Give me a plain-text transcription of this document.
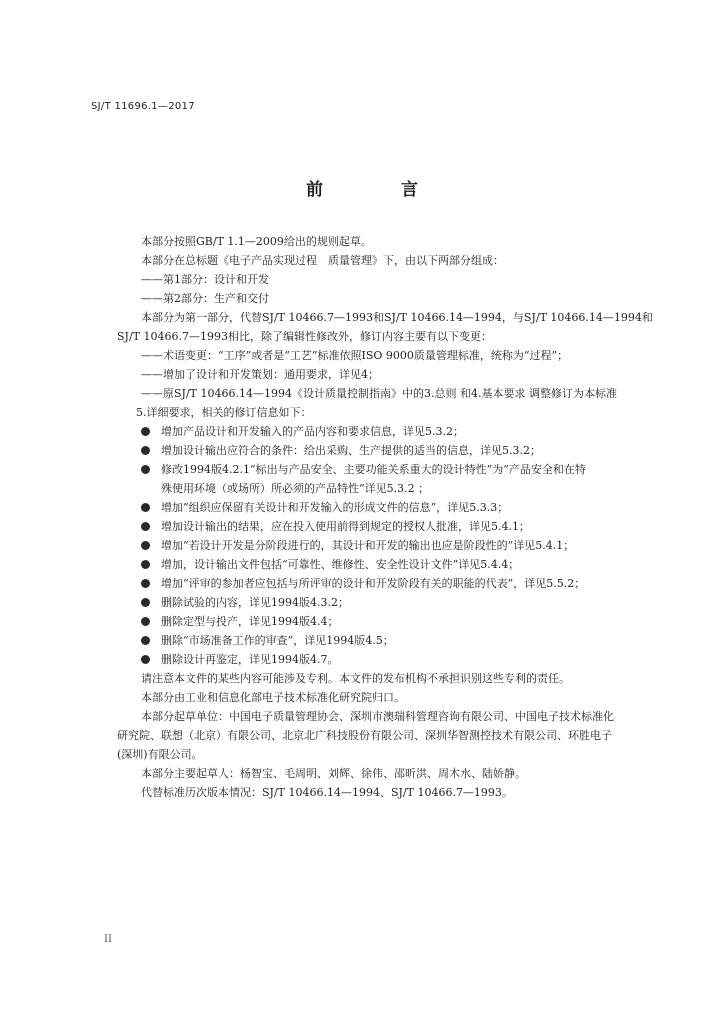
SJ/T 11696.1—2017
前 言

本部分按照GB/T 1.1—2009给出的规则起草。

本部分在总标题《电子产品实现过程　质量管理》下，由以下两部分组成：

——第1部分：设计和开发

——第2部分：生产和交付

本部分为第一部分，代替SJ/T 10466.7—1993和SJ/T 10466.14—1994，与SJ/T 10466.14—1994和

SJ/T 10466.7—1993相比，除了编辑性修改外，修订内容主要有以下变更：

——术语变更：“工序”或者是“工艺”标准依照ISO 9000质量管理标准，统称为“过程”；

——增加了设计和开发策划：通用要求，详见4；

——原SJ/T 10466.14—1994《设计质量控制指南》中的3.总则 和4.基本要求 调整修订为本标准

5.详细要求，相关的修订信息如下：

增加产品设计和开发输入的产品内容和要求信息，详见5.3.2；
增加设计输出应符合的条件：给出采购、生产提供的适当的信息，详见5.3.2；
修改1994版4.2.1“标出与产品安全、主要功能关系重大的设计特性”为“产品安全和在特
殊使用环境（或场所）所必须的产品特性”详见5.3.2 ；
增加“组织应保留有关设计和开发输入的形成文件的信息”，详见5.3.3；
增加设计输出的结果，应在投入使用前得到规定的授权人批准，详见5.4.1；
增加“若设计开发是分阶段进行的，其设计和开发的输出也应是阶段性的”详见5.4.1；
增加，设计输出文件包括“可靠性、维修性、安全性设计文件”详见5.4.4；
增加“评审的参加者应包括与所评审的设计和开发阶段有关的职能的代表”，详见5.5.2；
删除试验的内容，详见1994版4.3.2；
删除定型与投产，详见1994版4.4；
删除“市场准备工作的审查”，详见1994版4.5；
删除设计再鉴定，详见1994版4.7。

请注意本文件的某些内容可能涉及专利。本文件的发布机构不承担识别这些专利的责任。

本部分由工业和信息化部电子技术标准化研究院归口。

本部分起草单位：中国电子质量管理协会、深圳市澳瑞科管理咨询有限公司、中国电子技术标准化

研究院、联想（北京）有限公司、北京北广科技股份有限公司、深圳华智测控技术有限公司、环胜电子

(深圳)有限公司。

本部分主要起草人：杨智宝、毛周明、刘辉、徐伟、邵昕洪、周木水、陆娇静。

代替标准历次版本情况：SJ/T 10466.14—1994、SJ/T 10466.7—1993。

II
